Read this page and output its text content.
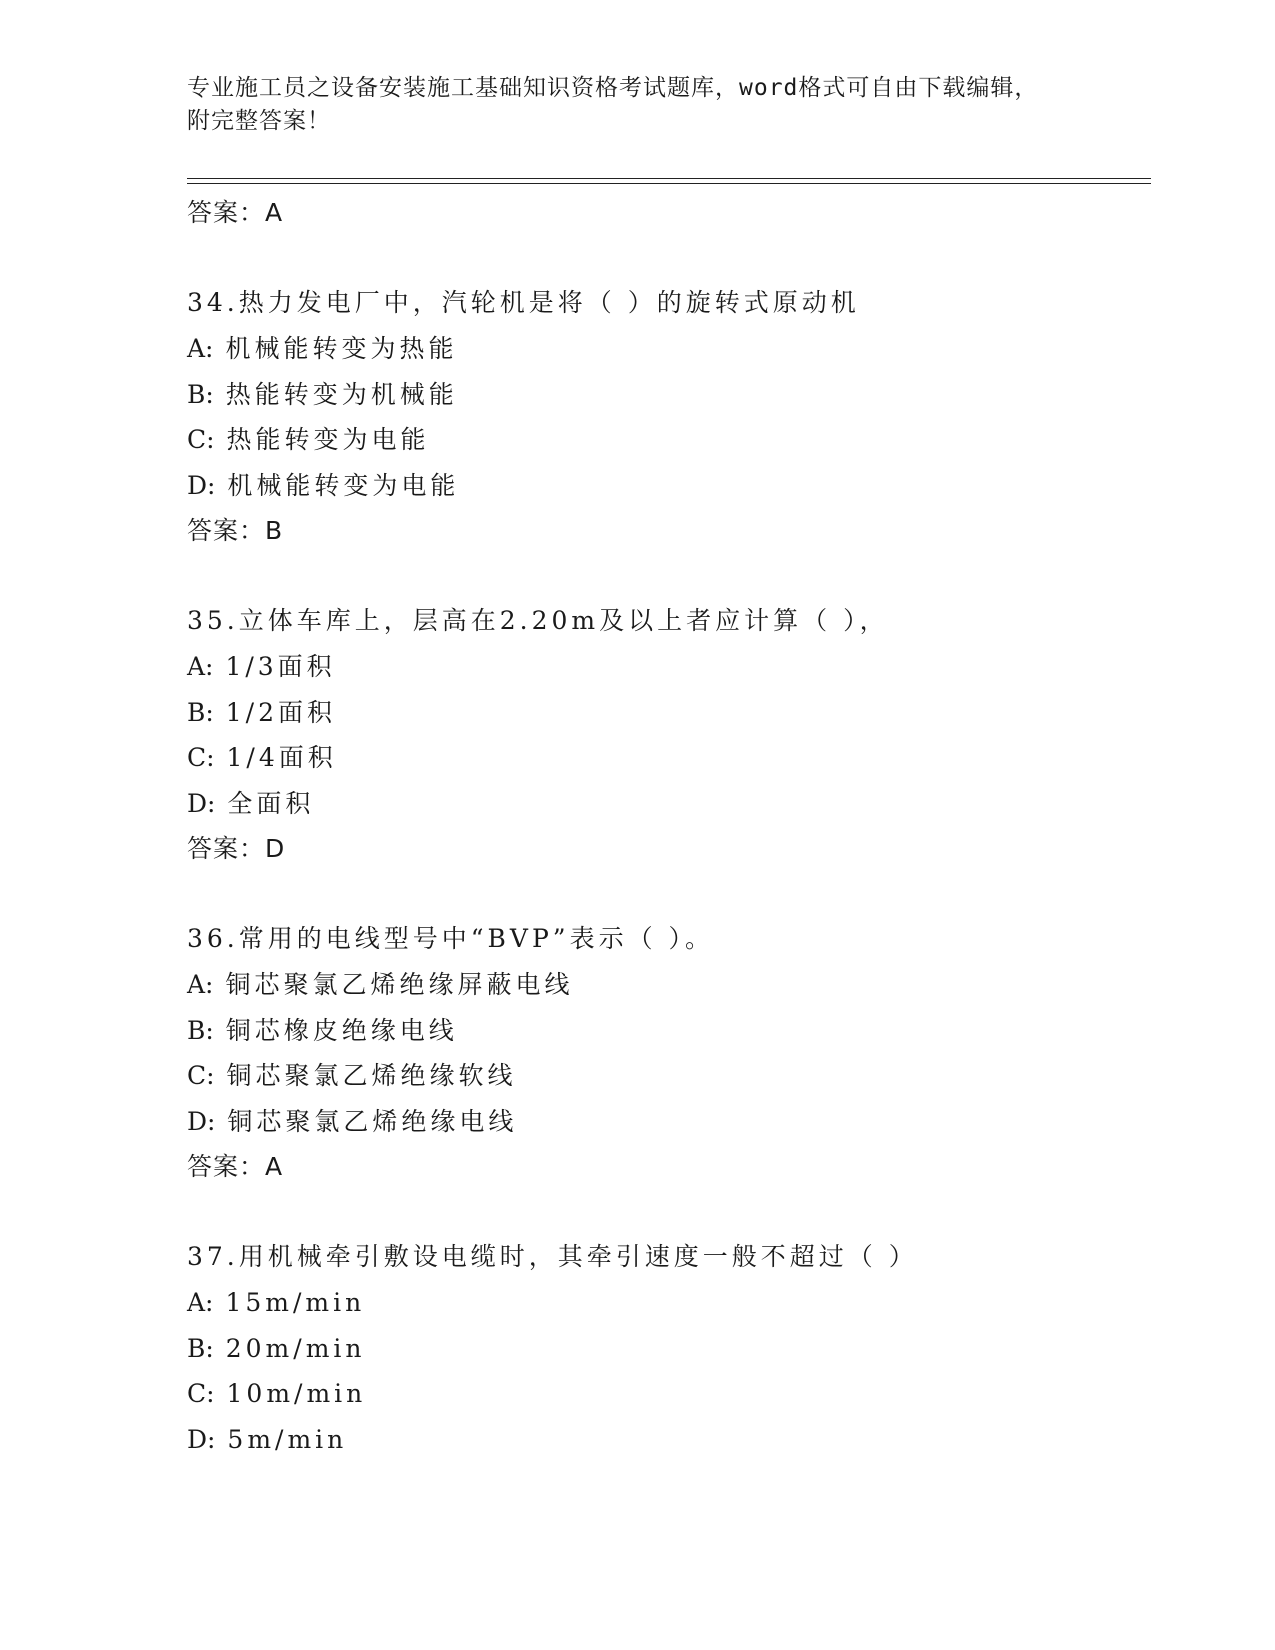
专业施工员之设备安装施工基础知识资格考试题库，word格式可自由下载编辑，
附完整答案！
答案：A
34.热力发电厂中，汽轮机是将（ ）的旋转式原动机
A: 机械能转变为热能
B: 热能转变为机械能
C: 热能转变为电能
D: 机械能转变为电能
答案：B
35.立体车库上，层高在2.20m及以上者应计算（ ），
A: 1/3面积
B: 1/2面积
C: 1/4面积
D: 全面积
答案：D
36.常用的电线型号中“BVP”表示（ ）。
A: 铜芯聚氯乙烯绝缘屏蔽电线
B: 铜芯橡皮绝缘电线
C: 铜芯聚氯乙烯绝缘软线
D: 铜芯聚氯乙烯绝缘电线
答案：A
37.用机械牵引敷设电缆时，其牵引速度一般不超过（ ）
A: 15m/min
B: 20m/min
C: 10m/min
D: 5m/min
